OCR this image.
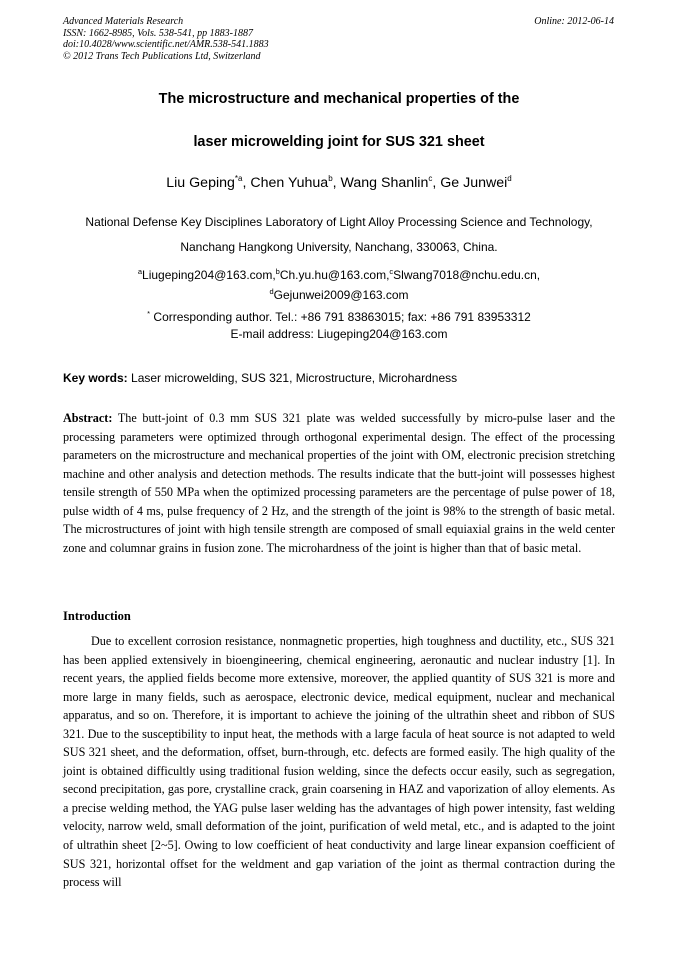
Advanced Materials Research
ISSN: 1662-8985, Vols. 538-541, pp 1883-1887
doi:10.4028/www.scientific.net/AMR.538-541.1883
© 2012 Trans Tech Publications Ltd, Switzerland
Online: 2012-06-14
The microstructure and mechanical properties of the
laser microwelding joint for SUS 321 sheet
Liu Geping$^{*a}$, Chen Yuhua$^b$, Wang Shanlin$^c$, Ge Junwei$^d$
National Defense Key Disciplines Laboratory of Light Alloy Processing Science and Technology,
Nanchang Hangkong University, Nanchang, 330063, China.
$^a$Liugeping204@163.com,$^b$Ch.yu.hu@163.com,$^c$Slwang7018@nchu.edu.cn,
$^d$Gejunwei2009@163.com
* Corresponding author. Tel.: +86 791 83863015; fax: +86 791 83953312
E-mail address: Liugeping204@163.com
Key words: Laser microwelding, SUS 321, Microstructure, Microhardness

Abstract: The butt-joint of 0.3 mm SUS 321 plate was welded successfully by micro-pulse laser and the processing parameters were optimized through orthogonal experimental design. The effect of the processing parameters on the microstructure and mechanical properties of the joint with OM, electronic precision stretching machine and other analysis and detection methods. The results indicate that the butt-joint will possesses highest tensile strength of 550 MPa when the optimized processing parameters are the percentage of pulse power of 18, pulse width of 4 ms, pulse frequency of 2 Hz, and the strength of the joint is 98% to the strength of basic metal. The microstructures of joint with high tensile strength are composed of small equiaxial grains in the weld center zone and columnar grains in fusion zone. The microhardness of the joint is higher than that of basic metal.

Introduction

Due to excellent corrosion resistance, nonmagnetic properties, high toughness and ductility, etc., SUS 321 has been applied extensively in bioengineering, chemical engineering, aeronautic and nuclear industry [1]. In recent years, the applied fields become more extensive, moreover, the applied quantity of SUS 321 is more and more large in many fields, such as aerospace, electronic device, medical equipment, nuclear and mechanical apparatus, and so on. Therefore, it is important to achieve the joining of the ultrathin sheet and ribbon of SUS 321. Due to the susceptibility to input heat, the methods with a large facula of heat source is not adapted to weld SUS 321 sheet, and the deformation, offset, burn-through, etc. defects are formed easily. The high quality of the joint is obtained difficultly using traditional fusion welding, since the defects occur easily, such as segregation, second precipitation, gas pore, crystalline crack, grain coarsening in HAZ and vaporization of alloy elements. As a precise welding method, the YAG pulse laser welding has the advantages of high power intensity, fast welding velocity, narrow weld, small deformation of the joint, purification of weld metal, etc., and is adapted to the joint of ultrathin sheet [2~5]. Owing to low coefficient of heat conductivity and large linear expansion coefficient of SUS 321, horizontal offset for the weldment and gap variation of the joint as thermal contraction during the process will
